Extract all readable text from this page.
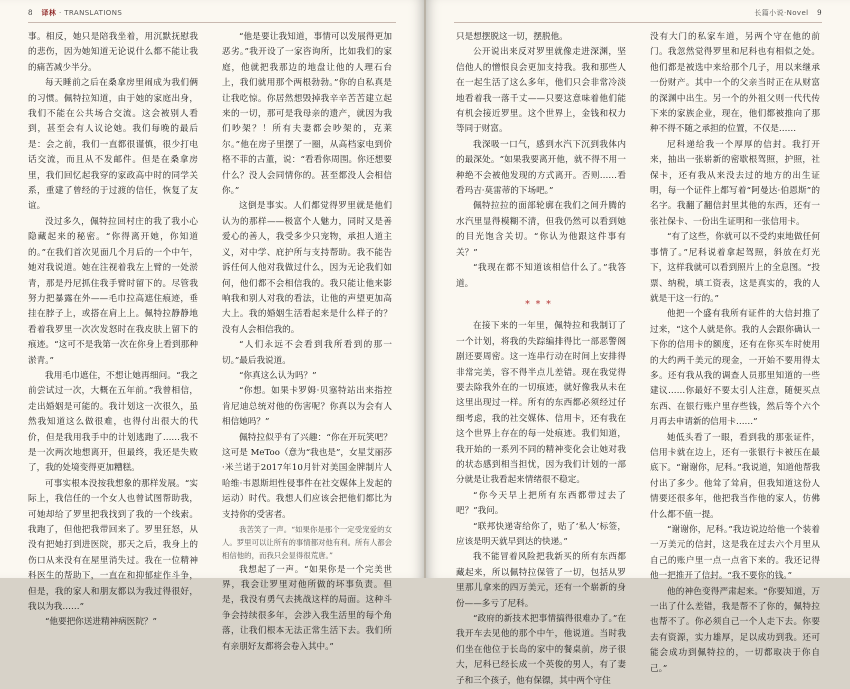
8 译林 · TRANSLATIONS

事。相反，她只是陪我坐着，用沉默抚慰我的悲伤，因为她知道无论说什么都不能让我的痛苦减少半分。

每天睡前之后在桑拿房里闹成为我们俩的习惯。佩特拉知道，由于她的家庭出身，我们不能在公共场合交流。这会被别人看到，甚至会有人议论她。我们每晚的最后是：会之前，我们一直都很谨慎，很少打电话交流，而且从不发邮件。但是在桑拿房里，我们回忆起我穿的家政高中时的同学关系，重建了曾经的于过渡的信任，恢复了友谊。

没过多久，佩特拉回村庄的我了我小心隐藏起来的秘密。“你得离开她，你知道的。”在我们首次见面几个月后的一个中午，她对我说道。她在注视着我左上臂的一处淤青，那是丹尼抓住我手臂时留下的。尽管我努力把暴露在外——毛巾拉高遮住痕迹，垂挂在脖子上，或搭在肩上上。佩特拉静静地看着我罗里一次次发怒时在我皮肤上留下的痕迹。“这可不是我第一次在你身上看到那种淤青。”

我用毛巾遮住，不想让她再细问。“我之前尝试过一次，大概在五年前。”我曾相信，走出婚姻是可能的。我计划这一次很久，虽然我知道这么做很难，也得付出很大的代价，但是我用我手中的计划逃跑了……我不是一次两次地想离开，但最终，我还是失败了，我的处境变得更加糟糕。

可事实根本没按我想象的那样发展。“实际上，我信任的一个女人也曾试图帮助我，可她却给了罗里把我找到了我的一个线索。我跑了，但他把我带回来了。罗里狂怒，从没有把她打到进医院，那天之后，我身上的伤口从来没有在屋里消失过。我在一位精神科医生的帮助下，一直在和抑郁症作斗争，但是，我的家人和朋友都以为我过得很好，我以为我……”

“他要把你送进精神病医院？”

“他是要让我知道，事情可以发展得更加恶劣。”我开设了一家咨询所，比如我们的家庭，他就把我那边的地盘让他的人理石台上，我们就用那个两根勃勃。”你的自私真是让我吃惊。你居然想毁掉我辛辛苦苦建立起来的一切，那可是我母亲的遗产，就因为我们吵架？！所有夫妻都会吵架的，克莱尔。”他在房子里摆了一圈，从高档家电到价格不菲的古董，说：“看看你周围。你还想要什么？没人会同情你的。甚至都没人会相信你。”

这倒是事实。人们都觉得罗里就是他们认为的那样——极富个人魅力，同时又是善爱心的善人，我受多少只宠物，承担人道主义，对中学、庇护所与支持帮助。我不能告诉任何人他对我做过什么，因为无论我们如何，他们都不会相信我的。我只能让他来影响我和别人对我的看法，让他的声望更加高大上。我的婚姻生活看起来是什么样子的？没有人会相信我的。

“人们永远不会看到我所看到的那一切。”最后我说道。

“你真这么认为吗？”

“你想。如果卡罗姆·贝塞特站出来指控肯尼迪总统对他的伤害呢？你真以为会有人相信她吗？”

佩特拉似乎有了兴趣：“你在开玩笑吧？这可是 MeToo（意为“我也是”，女星艾丽莎·米兰诺于2017年10月针对美国金牌制片人哈维·韦恩斯坦性侵事件在社交媒体上发起的运动）时代。我想人们应该会把他们都比为支持你的受害者。

我苦笑了一声。“如果你是那个一定受宠爱的女人。罗里可以让所有的事情都对他有利。所有人都会相信他的，而我只会显得很荒唐。”

我想起了一声。“如果你是一个完美世界，我会让罗里对他所做的坏事负责。但是，我没有勇气去挑战这样的局面。这种斗争会持续很多年，会涉入我生活里的每个角落，让我们根本无法正常生活下去。我们所有亲朋好友都将会卷入其中。”

长篇小说·Novel 9

只是想摆脱这一切，摆脱他。

公开说出来反对罗里就像走进深渊，坚信他人的憎恨良会更加支持我。我和那些人在一起生活了这么多年，他们只会非常冷淡地看着我一落千丈——只要这意味着他们能有机会接近罗里。这个世界上，金钱和权力等同于财富。

我深吸一口气，感到水汽下沉到我体内的最深处。“如果我要离开他，就不得不用一种绝不会被他发现的方式离开。否则……看看玛吉·莫雷蒂的下场吧。”

佩特拉拉的面部轮廓在我们之间升腾的水汽里显得模糊不清，但我仍然可以看到她的目光饱含关切。“你认为他跟这件事有关？”

“我现在都不知道该相信什么了。”我答道。

***

在接下来的一年里，佩特拉和我制订了一个计划，将我的失踪编排得比一部恶警阁剧还要周密。这一连串行动在时间上安排得非常完美，容不得半点儿差错。现在我觉得要去除我外在的一切痕迹，就好像我从未在这里出现过一样。所有的东西都必须经过仔细考虑，我的社交媒体、信用卡，还有我在这个世界上存在的每一处痕迹。我们知道，我开始的一系列不同的精神变化会让她对我的状态感到相当担忧，因为我们计划的一部分就是让我看起来情绪很不稳定。

“你今天早上把所有东西都带过去了吧？”我问。

“联邦快递寄给你了，贴了‘私人’标签，应该是明天就早到达的快递。”

我不能冒着风险把我新买的所有东西都藏起来，所以佩特拉保管了一切，包括从罗里那儿拿来的四万美元，还有一个崭新的身份——多亏了尼科。

“政府的新技术把事情搞得很难办了。”在我开车去见他的那个中午，他说道。当时我们坐在他位于长岛的家中的餐桌前，房子很大，尼科已经长成一个英俊的男人，有了妻子和三个孩子，他有保镖，其中两个守住

没有大门的私家车道，另两个守在他的前门。我忽然觉得罗里和尼科也有相似之处。他们都是被选中来给那个几子，用以来继承一份财产。其中一个的父亲当时正在从财富的深渊中出生。另一个的外祖父则一代代传下来的家族企业，现在，他们都被推向了那种不得不随之承担的位置，不仅是……

尼科递给我一个厚厚的信封。我打开来，抽出一张崭新的密歇根驾照，护照，社保卡，还有我从来没去过的地方的出生证明，每一个证件上都写着“阿曼达·伯恩斯”的名字。我翻了翻信封里其他的东西，还有一张社保卡、一份出生证明和一张信用卡。

“有了这些，你就可以不受约束地做任何事情了。”尼科说着拿起驾照，斜放在灯光下，这样我就可以看到照片上的全息图。“投票、纳税，填工资表，这是真实的，我的人就是干这一行的。”

他把一个盛有我所有证件的大信封推了过来，“这个人就是你。我的人会跟你确认一下你的信用卡的额度，还有在你买车时使用的大约两千美元的现金，一开始不要用得太多。还有我从我的调查人员那里知道的一些建议……你最好不要太引人注意，随便买点东西、在银行账户里存些钱，然后等个六个月再去申请新的信用卡……”

她低头看了一眼，看到我的那张证件，信用卡就在边上，还有一张银行卡被压在最底下。“谢谢你，尼科。”我说道，知道他帮我付出了多少。他耸了耸肩，但我知道这份人情要还很多年，他把我当作他的家人，仿佛什么都不值一提。

“谢谢你，尼科。”我边说边给他一个装着一万美元的信封，这是我在过去六个月里从自己的账户里一点一点省下来的。我还记得他一把推开了信封。“我不要你的钱。”

他的神色变得严肃起来。“你要知道，万一出了什么差错，我是帮不了你的，佩特拉也帮不了。你必须自己一个人走下去。你要去有资源，实力雄厚，足以成功到我。还可能会成功到佩特拉的，一切都取决于你自己。”
